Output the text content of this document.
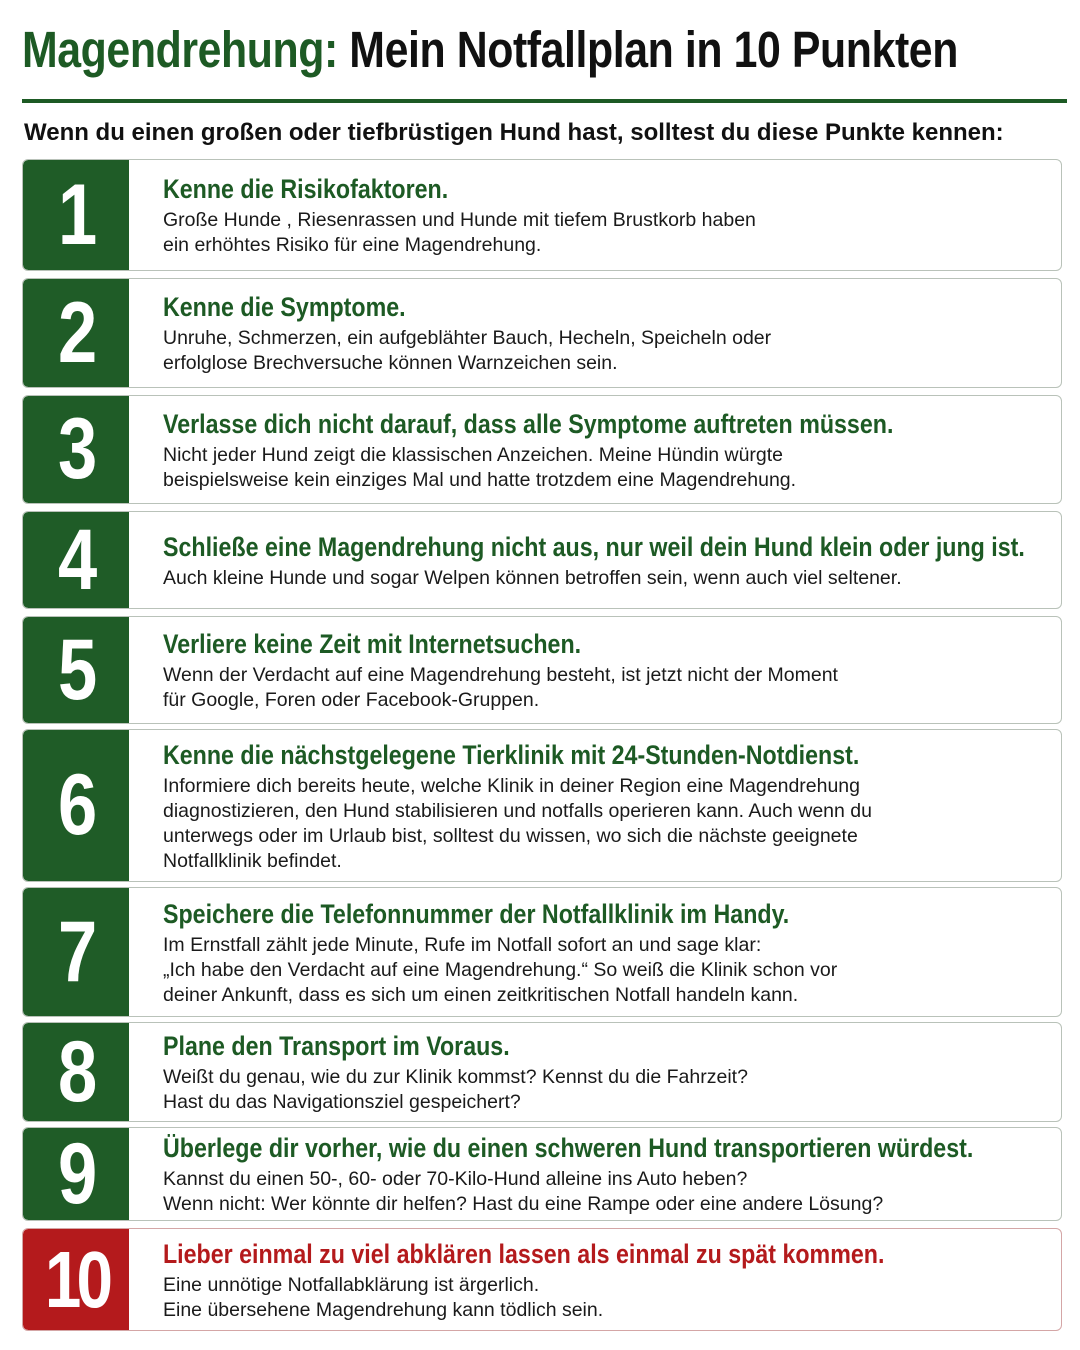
Magendrehung: Mein Notfallplan in 10 Punkten
Wenn du einen großen oder tiefbrüstigen Hund hast, solltest du diese Punkte kennen:
1	Kenne die Risikofaktoren.
Große Hunde , Riesenrassen und Hunde mit tiefem Brustkorb haben
ein erhöhtes Risiko für eine Magendrehung.
2	Kenne die Symptome.
Unruhe, Schmerzen, ein aufgeblähter Bauch, Hecheln, Speicheln oder
erfolglose Brechversuche können Warnzeichen sein.
3	Verlasse dich nicht darauf, dass alle Symptome auftreten müssen.
Nicht jeder Hund zeigt die klassischen Anzeichen. Meine Hündin würgte
beispielsweise kein einziges Mal und hatte trotzdem eine Magendrehung.
4	Schließe eine Magendrehung nicht aus, nur weil dein Hund klein oder jung ist.
Auch kleine Hunde und sogar Welpen können betroffen sein, wenn auch viel seltener.
5	Verliere keine Zeit mit Internetsuchen.
Wenn der Verdacht auf eine Magendrehung besteht, ist jetzt nicht der Moment
für Google, Foren oder Facebook-Gruppen.
6
Kenne die nächstgelegene Tierklinik mit 24-Stunden-Notdienst.
Informiere dich bereits heute, welche Klinik in deiner Region eine Magendrehung
diagnostizieren, den Hund stabilisieren und notfalls operieren kann. Auch wenn du
unterwegs oder im Urlaub bist, solltest du wissen, wo sich die nächste geeignete
Notfallklinik befindet.
7	Speichere die Telefonnummer der Notfallklinik im Handy.
Im Ernstfall zählt jede Minute, Rufe im Notfall sofort an und sage klar:
„Ich habe den Verdacht auf eine Magendrehung.“ So weiß die Klinik schon vor
deiner Ankunft, dass es sich um einen zeitkritischen Notfall handeln kann.
8	Plane den Transport im Voraus.
Weißt du genau, wie du zur Klinik kommst? Kennst du die Fahrzeit?
Hast du das Navigationsziel gespeichert?
9	Überlege dir vorher, wie du einen schweren Hund transportieren würdest.
Kannst du einen 50-, 60- oder 70-Kilo-Hund alleine ins Auto heben?
Wenn nicht: Wer könnte dir helfen? Hast du eine Rampe oder eine andere Lösung?
10 Lieber einmal zu viel abklären lassen als einmal zu spät kommen.
Eine unnötige Notfallabklärung ist ärgerlich.
Eine übersehene Magendrehung kann tödlich sein.
